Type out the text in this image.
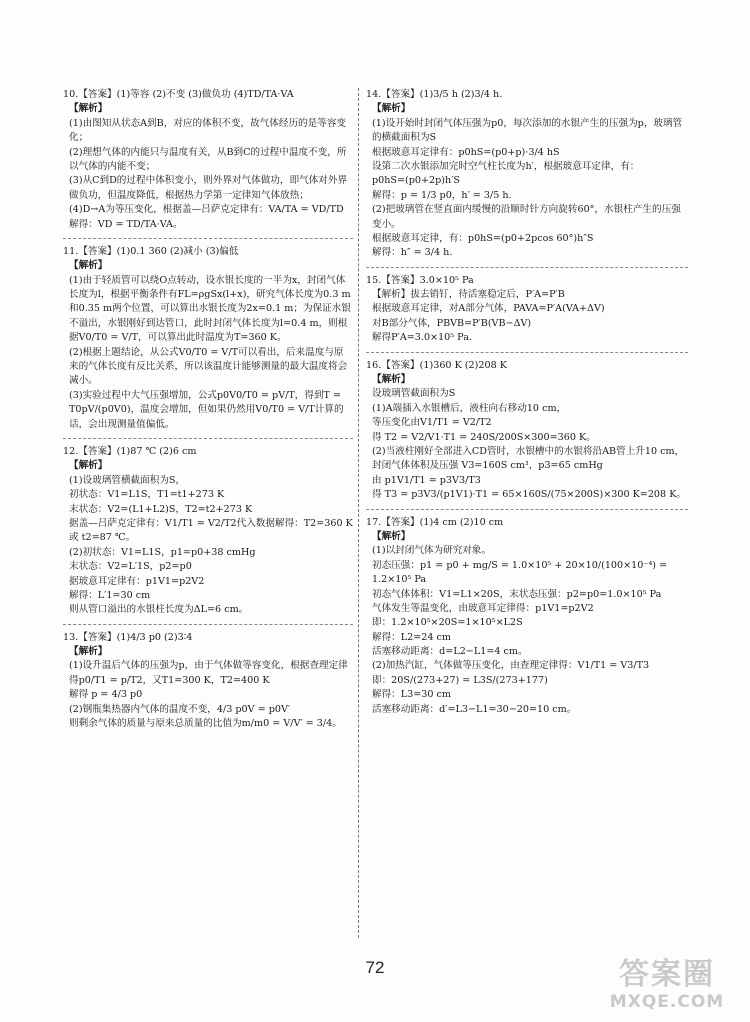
10.【答案】(1)等容 (2)不变 (3)做负功 (4)TD/TA·VA

【解析】

(1)由图知从状态A到B，对应的体积不变，故气体经历的是等容变化；

(2)理想气体的内能只与温度有关，从B到C的过程中温度不变，所以气体的内能不变；

(3)从C到D的过程中体积变小，则外界对气体做功，即气体对外界做负功，但温度降低，根据热力学第一定律知气体放热；

(4)D→A为等压变化，根据盖—吕萨克定律有：VA/TA = VD/TD

解得：VD = TD/TA·VA。

11.【答案】(1)0.1 360 (2)减小 (3)偏低

【解析】

(1)由于轻质管可以绕O点转动，设水银长度的一半为x，封闭气体长度为l，根据平衡条件有FL=ρgSx(l+x)，研究气体长度为0.3 m和0.35 m两个位置，可以算出水银长度为2x=0.1 m；为保证水银不溢出，水银刚好到达管口，此时封闭气体长度为l=0.4 m，则根据V0/T0 = V/T，可以算出此时温度为T=360 K。

(2)根据上题结论，从公式V0/T0 = V/T可以看出，后来温度与原来的气体长度有反比关系，所以该温度计能够测量的最大温度将会减小。

(3)实验过程中大气压强增加，公式p0V0/T0 = pV/T，得到T = T0pV/(p0V0)，温度会增加，但如果仍然用V0/T0 = V/T计算的话，会出现测量值偏低。

12.【答案】(1)87 ℃ (2)6 cm

【解析】

(1)设玻璃管横截面积为S，

初状态：V1=L1S，T1=t1+273 K

末状态：V2=(L1+L2)S，T2=t2+273 K

据盖—吕萨克定律有：V1/T1 = V2/T2代入数据解得：T2=360 K 或 t2=87 ℃。

(2)初状态：V1=L1S，p1=p0+38 cmHg

末状态：V2=L′1S，p2=p0

据玻意耳定律有：p1V1=p2V2

解得：L′1=30 cm

则从管口溢出的水银柱长度为ΔL=6 cm。

13.【答案】(1)4/3 p0 (2)3∶4

【解析】

(1)设升温后气体的压强为p，由于气体做等容变化，根据查理定律得p0/T1 = p/T2，又T1=300 K，T2=400 K

解得 p = 4/3 p0

(2)钢瓶集热器内气体的温度不变，4/3 p0V = p0V′

则剩余气体的质量与原来总质量的比值为m/m0 = V/V′ = 3/4。

14.【答案】(1)3/5 h (2)3/4 h.

【解析】

(1)设开始时封闭气体压强为p0，每次添加的水银产生的压强为p，玻璃管的横截面积为S

根据玻意耳定律有：p0hS=(p0+p)·3/4 hS

设第二次水银添加完时空气柱长度为h′，根据玻意耳定律，有：

p0hS=(p0+2p)h′S

解得：p = 1/3 p0，h′ = 3/5 h.

(2)把玻璃管在竖直面内缓慢的沿顺时针方向旋转60°，水银柱产生的压强变小。

根据玻意耳定律，有：p0hS=(p0+2pcos 60°)h″S

解得：h″ = 3/4 h.

15.【答案】3.0×10⁵ Pa

【解析】拔去销钉，待活塞稳定后，P′A=P′B

根据玻意耳定律，对A部分气体，PAVA=P′A(VA+ΔV)

对B部分气体，PBVB=P′B(VB−ΔV)

解得P′A=3.0×10⁵ Pa.

16.【答案】(1)360 K (2)208 K

【解析】

设玻璃管截面积为S

(1)A端插入水银槽后，液柱向右移动10 cm，

等压变化由V1/T1 = V2/T2

得 T2 = V2/V1·T1 = 240S/200S×300=360 K。

(2)当液柱刚好全部进入CD管时，水银槽中的水银将沿AB管上升10 cm，

封闭气体体积及压强 V3=160S cm³，p3=65 cmHg

由 p1V1/T1 = p3V3/T3

得 T3 = p3V3/(p1V1)·T1 = 65×160S/(75×200S)×300 K=208 K。

17.【答案】(1)4 cm (2)10 cm

【解析】

(1)以封闭气体为研究对象。

初态压强：p1 = p0 + mg/S = 1.0×10⁵ + 20×10/(100×10⁻⁴) = 1.2×10⁵ Pa

初态气体体积：V1=L1×20S，末状态压强：p2=p0=1.0×10⁵ Pa

气体发生等温变化，由玻意耳定律得：p1V1=p2V2

即：1.2×10⁵×20S=1×10⁵×L2S

解得：L2=24 cm

活塞移动距离：d=L2−L1=4 cm。

(2)加热汽缸，气体做等压变化，由查理定律得：V1/T1 = V3/T3

即：20S/(273+27) = L3S/(273+177)

解得：L3=30 cm

活塞移动距离：d′=L3−L1=30−20=10 cm。

72	答案圈
MXQE.COM
